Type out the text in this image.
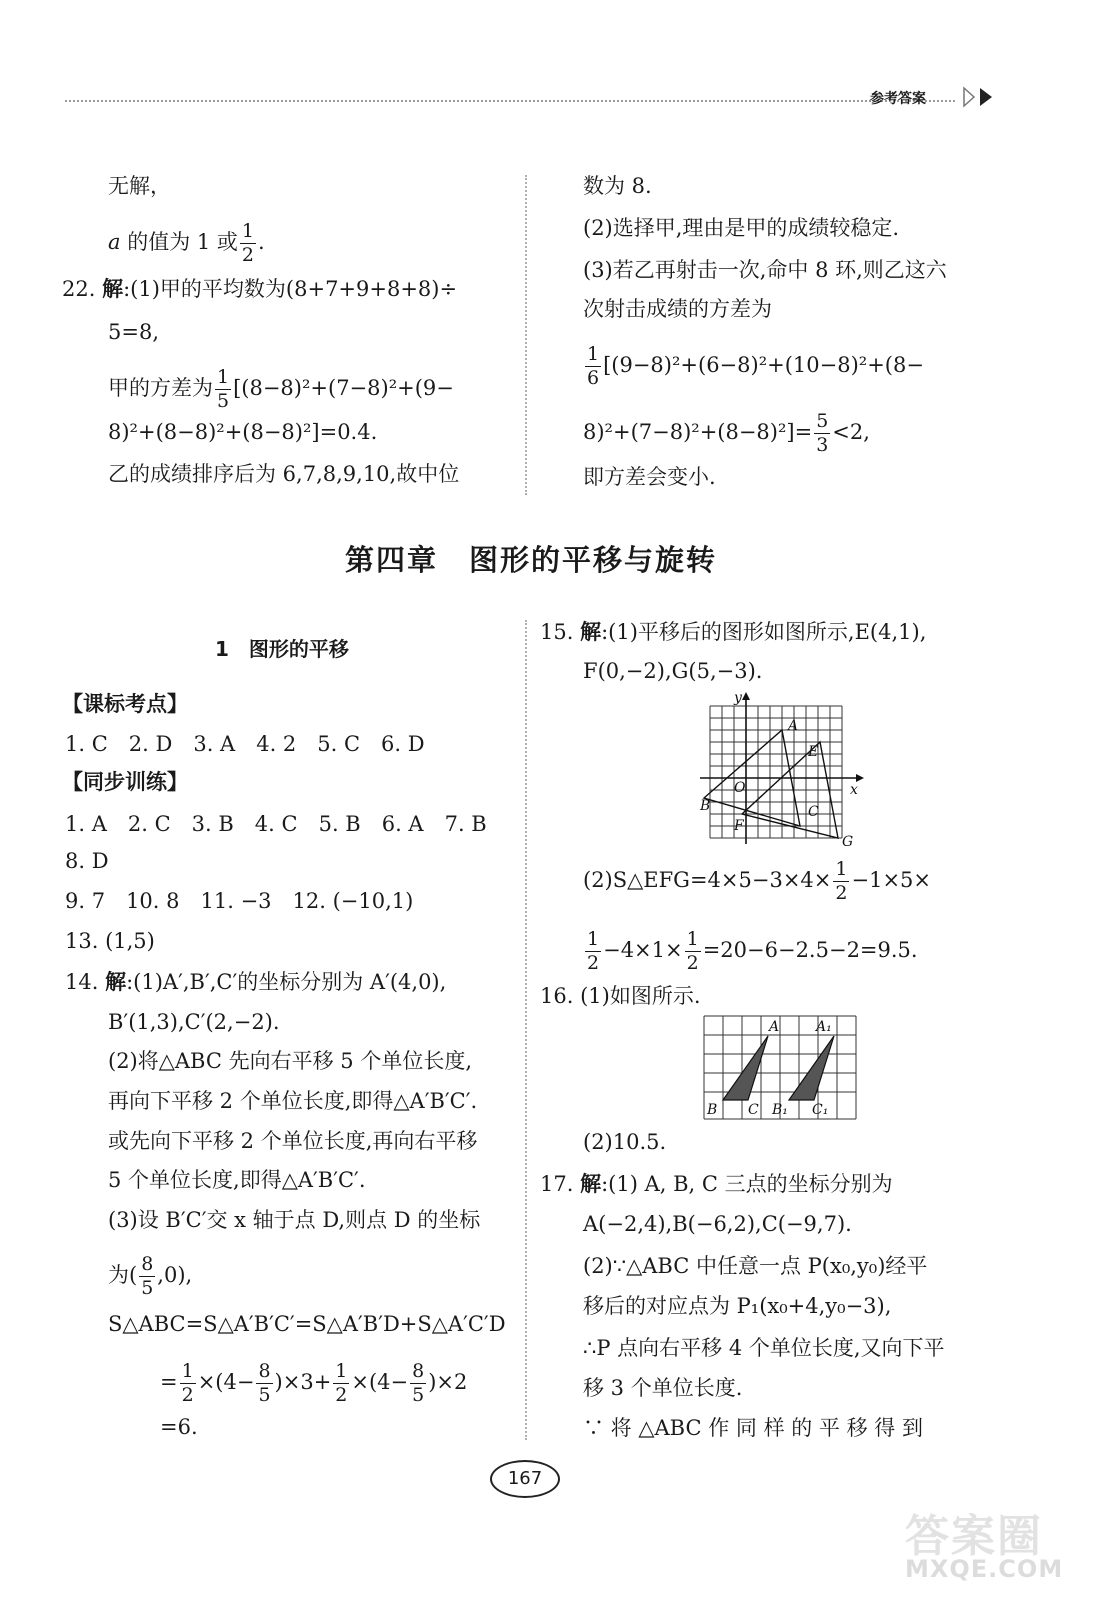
参考答案
无解，
a 的值为 1 或 $\frac{1}{2}$ .
22. 解:(1)甲的平均数为(8+7+9+8+8)÷
5=8,
甲的方差为 $\frac{1}{5} [(8-8)^2+(7-8)^2+(9-$
8)²+(8−8)²+(8−8)²]=0.4.
乙的成绩排序后为 6,7,8,9,10,故中位
数为 8.
(2)选择甲,理由是甲的成绩较稳定.
(3)若乙再射击一次,命中 8 环,则乙这六
次射击成绩的方差为
$\frac{1}{6} [(9-8)^2+(6-8)^2+(10-8)^2+(8-$
$8)^2+(7-8)^2+(8-8)^2]= \frac{5}{3} <2$,
即方差会变小.
第四章　图形的平移与旋转
1　图形的平移
【课标考点】
1. C　2. D　3. A　4. 2　5. C　6. D
【同步训练】
1. A　2. C　3. B　4. C　5. B　6. A　7. B
8. D
9. 7　10. 8　11. −3　12. (−10,1)
13. (1,5)
14. 解:(1)A′,B′,C′的坐标分别为 A′(4,0),
B′(1,3),C′(2,−2).
(2)将△ABC 先向右平移 5 个单位长度,
再向下平移 2 个单位长度,即得△A′B′C′.
或先向下平移 2 个单位长度,再向右平移
5 个单位长度,即得△A′B′C′.
(3)设 B′C′交 x 轴于点 D,则点 D 的坐标
为( $\frac{8}{5} ,0$),
S△ABC=S△A′B′C′=S△A′B′D+S△A′C′D
= $\frac{1}{2} \times(4- \frac{8}{5} )\times 3+ \frac{1}{2} \times(4- \frac{8}{5} )\times 2$
=6.
15. 解:(1)平移后的图形如图所示,E(4,1),
F(0,−2),G(5,−3).
y
x
A
E
O
B	C
F
G
(2)S△EFG=4×5−3×4× $\frac{1}{2} -1\times 5\times$
$\frac{1}{2} -4\times 1\times \frac{1}{2} =20-6-2.5-2=9.5$.
16. (1)如图所示.
A	A₁
B C B₁ C₁
(2)10.5.
17. 解:(1) A, B, C 三点的坐标分别为
A(−2,4),B(−6,2),C(−9,7).
(2)∵△ABC 中任意一点 P(x₀,y₀)经平
移后的对应点为 P₁(x₀+4,y₀−3),
∴P 点向右平移 4 个单位长度,又向下平
移 3 个单位长度.
∵ 将 △ABC 作 同 样 的 平 移 得 到
167
答案圈
MXQE.COM
